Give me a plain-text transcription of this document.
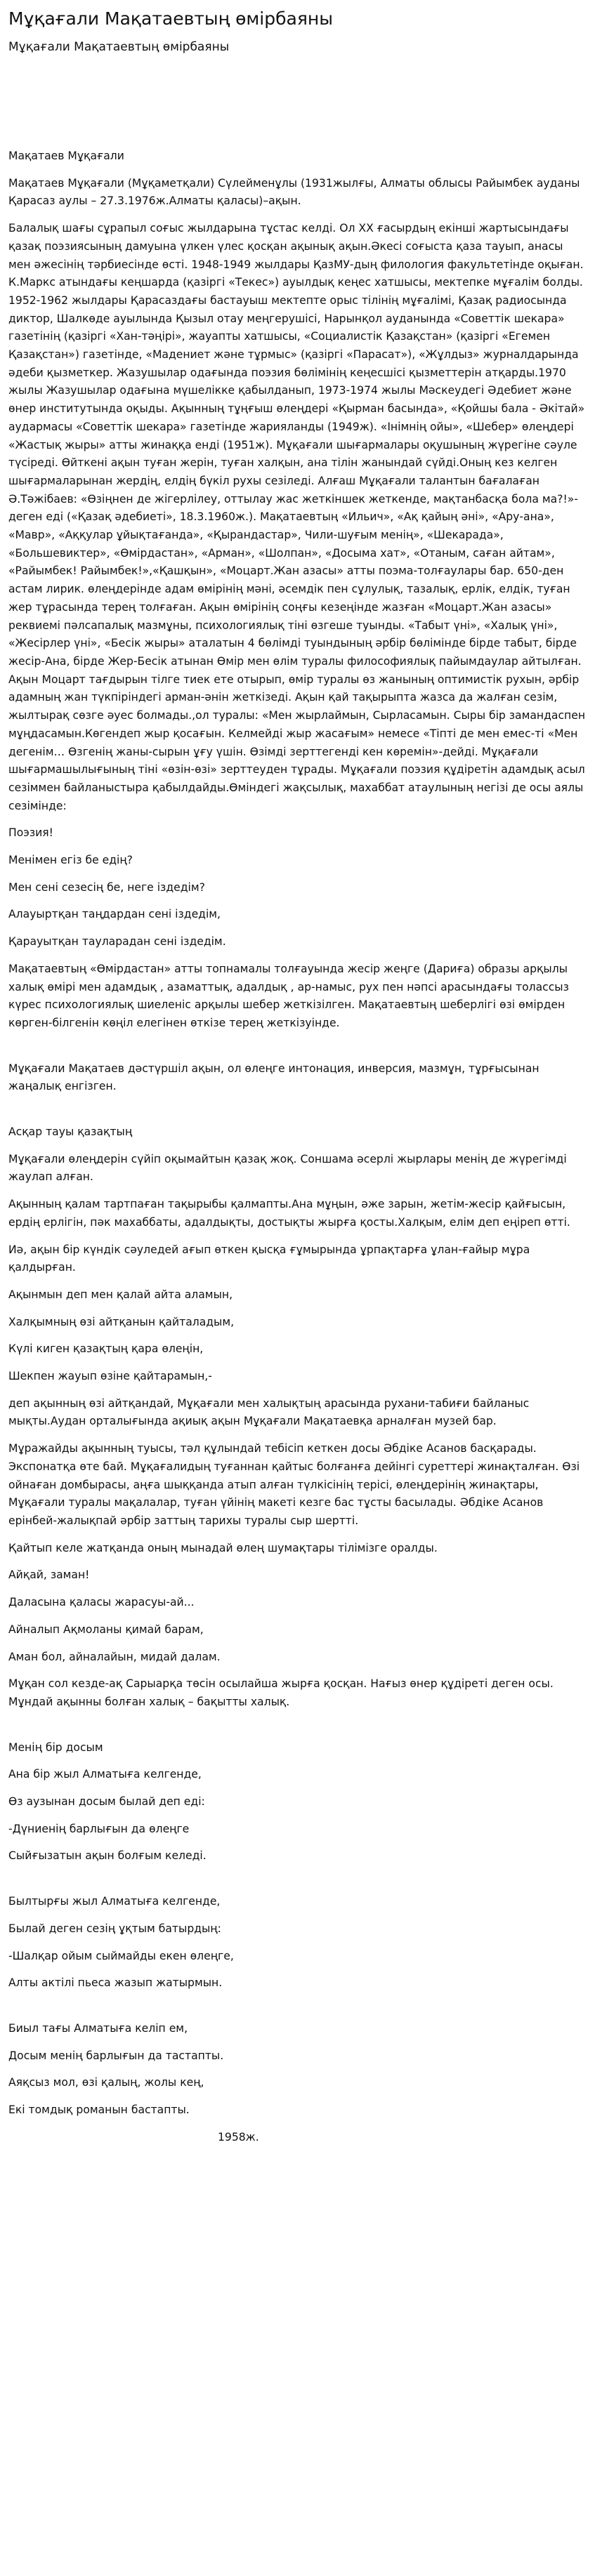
Мұқағали Мақатаевтың өмірбаяны
Мұқағали Мақатаевтың өмірбаяны

Мақатаев Мұқағали

Мақатаев Мұқағали (Мұқаметқали) Сүлейменұлы (1931жылғы, Алматы облысы Райымбек ауданы Қарасаз аулы – 27.3.1976ж.Алматы қаласы)–ақын.

Балалық шағы сұрапыл соғыс жылдарына тұстас келді. Ол ХХ ғасырдың екінші жартысындағы қазақ поэзиясының дамуына үлкен үлес қосқан ақынық ақын.Әкесі соғыста қаза тауып, анасы мен әжесінің тәрбиесінде өсті. 1948-1949 жылдары ҚазМУ-дың филология факультетінде оқыған. К.Маркс атындағы кеңшарда (қазіргі «Текес») ауылдық кеңес хатшысы, мектепке мұғалім болды. 1952-1962 жылдары Қарасаздағы бастауыш мектепте орыс тілінің мұғалімі, Қазақ радиосында диктор, Шалкөде ауылында Қызыл отау меңгерушісі, Нарынқол ауданында «Советтік шекара» газетінің (қазіргі «Хан-тәңірі», жауапты хатшысы, «Социалистік Қазақстан» (қазіргі «Егемен Қазақстан») газетінде, «Мадениет және тұрмыс» (қазіргі «Парасат»), «Жұлдыз» журналдарында әдеби қызметкер. Жазушылар одағында поэзия бөлімінің кеңесшісі қызметтерін атқарды.1970 жылы Жазушылар одағына мүшелікке қабылданып, 1973-1974 жылы Мәскеудегі Әдебиет және өнер институтында оқыды. Ақынның тұңғыш өлеңдері «Қырман басында», «Қойшы бала - Әкітай» аудармасы «Советтік шекара» газетінде жарияланды (1949ж). «Інімнің ойы», «Шебер» өлеңдері «Жастық жыры» атты жинаққа енді (1951ж). Мұқағали шығармалары оқушының жүрегіне сәуле түсіреді. Өйткені ақын туған жерін, туған халқын, ана тілін жанындай сүйді.Оның кез келген шығармаларынан жердің, елдің бүкіл рухы сезіледі. Алғаш Мұқағали талантын бағалаған Ә.Тәжібаев: «Өзіңнен де жігерлілеу, оттылау жас жеткіншек жеткенде, мақтанбасқа бола ма?!»-деген еді («Қазақ әдебиеті», 18.3.1960ж.). Мақатаевтың «Ильич», «Ақ қайың әні», «Ару-ана», «Мавр», «Аққулар ұйықтағанда», «Қырандастар», Чили-шуғым менің», «Шекарада», «Большевиктер», «Өмірдастан», «Арман», «Шолпан», «Досыма хат», «Отаным, саған айтам», «Райымбек! Райымбек!»,«Қашқын», «Моцарт.Жан азасы» атты поэма-толғаулары бар. 650-ден астам лирик. өлеңдерінде адам өмірінің мәні, әсемдік пен сұлулық, тазалық, ерлік, елдік, туған жер тұрасында терең толғаған. Ақын өмірінің соңғы кезеңінде жазған «Моцарт.Жан азасы» реквиемі пәлсапалық мазмұны, психологиялық тіні өзгеше туынды. «Табыт үні», «Халық үні», «Жесірлер үні», «Бесік жыры» аталатын 4 бөлімді туындының әрбір бөлімінде бірде табыт, бірде жесір-Ана, бірде Жер-Бесік атынан Өмір мен өлім туралы философиялық пайымдаулар айтылған. Ақын Моцарт тағдырын тілге тиек ете отырып, өмір туралы өз жанының оптимистік рухын, әрбір адамның жан түкпіріндегі арман-әнін жеткізеді. Ақын қай тақырыпта жазса да жалған сезім, жылтырақ сөзге әуес болмады.,ол туралы: «Мен жырлаймын, Сырласамын. Сыры бір замандаспен мұңдасамын.Көгендеп жыр қосағын. Келмейді жыр жасағым» немесе «Тіпті де мен емес-ті «Мен дегенім… Өзгенің жаны-сырын ұғу үшін. Өзімді зерттегенді кен көремін»-дейді. Мұқағали шығармашылығының тіні «өзін-өзі» зерттеуден тұрады. Мұқағали поэзия құдіретін адамдық асыл сезіммен байланыстыра қабылдайды.Өміндегі жақсылық, махаббат атаулының негізі де осы аялы сезімінде:

Поэзия!

Менімен егіз бе едің?

Мен сені сезесің бе, неге іздедім?

Алауыртқан таңдардан сені іздедім,

Қарауытқан тауларадан сені іздедім.

Мақатаевтың «Өмірдастан» атты топнамалы толғауында жесір жеңге (Дариға) образы арқылы халық өмірі мен адамдық , азаматтық, адалдық , ар-намыс, рух пен нәпсі арасындағы толассыз күрес психологиялық шиеленіс арқылы шебер жеткізілген. Мақатаевтың шеберлігі өзі өмірден көрген-білгенін көңіл елегінен өткізе терең жеткізуінде.

Мұқағали Мақатаев дәстүршіл ақын, ол өлеңге интонация, инверсия, мазмұн, тұрғысынан жаңалық енгізген.

Асқар тауы қазақтың

Мұқағали өлеңдерін сүйіп оқымайтын қазақ жоқ. Соншама әсерлі жырлары менің де жүрегімді жаулап алған.

Ақынның қалам тартпаған тақырыбы қалмапты.Ана мұңын, әже зарын, жетім-жесір қайғысын, ердің ерлігін, пәк махаббаты, адалдықты, достықты жырға қосты.Халқым, елім деп еңіреп өтті.

Иә, ақын бір күндік сәуледей ағып өткен қысқа ғұмырында ұрпақтарға ұлан-ғайыр мұра қалдырған.

Ақынмын деп мен қалай айта аламын,

Халқымның өзі айтқанын қайталадым,

Күлі киген қазақтың қара өлеңін,

Шекпен жауып өзіне қайтарамын,-

деп ақынның өзі айтқандай, Мұқағали мен халықтың арасында рухани-табиғи байланыс мықты.Аудан орталығында ақиық ақын Мұқағали Мақатаевқа арналған музей бар.

Мұражайды ақынның туысы, тәл құлындай тебісіп кеткен досы Әбдіке Асанов басқарады. Экспонатқа өте бай. Мұқағалидың туғаннан қайтыс болғанға дейінгі суреттері жинақталған. Өзі ойнаған домбырасы, аңға шыққанда атып алған түлкісінің терісі, өлеңдерінің жинақтары, Мұқағали туралы мақалалар, туған үйінің макеті кезге бас тұсты басылады. Әбдіке Асанов ерінбей-жалықпай әрбір заттың тарихы туралы сыр шертті.

Қайтып келе жатқанда оның мынадай өлең шумақтары тілімізге оралды.

Айқай, заман!

Даласына қаласы жарасуы-ай...

Айналып Ақмоланы қимай барам,

Аман бол, айналайын, мидай далам.

Мұқан сол кезде-ақ Сарыарқа төсін осылайша жырға қосқан. Нағыз өнер құдіреті деген осы. Мұндай ақынны болған халық – бақытты халық.

Менің бір досым

Ана бір жыл Алматыға келгенде,

Өз аузынан досым былай деп еді:

-Дүниенің барлығын да өлеңге

Сыйғызатын ақын болғым келеді.

Былтырғы жыл Алматыға келгенде,

Былай деген сезің ұқтым батырдың:

-Шалқар ойым сыймайды екен өлеңге,

Алты актілі пьеса жазып жатырмын.

Биыл тағы Алматыға келіп ем,

Досым менің барлығын да тастапты.

Аяқсыз мол, өзі қалың, жолы кең,

Екі томдық романын бастапты.

1958ж.
